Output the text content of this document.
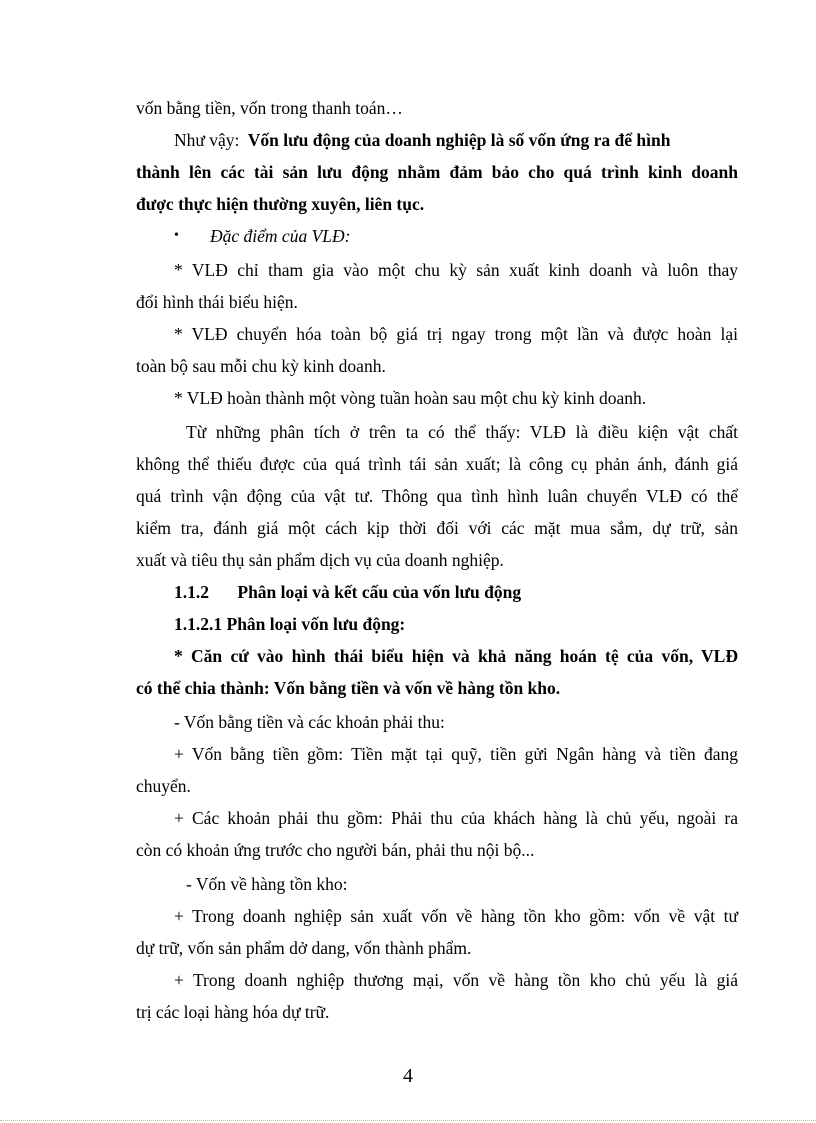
vốn bằng tiền, vốn trong thanh toán…
Như vậy: Vốn lưu động của doanh nghiệp là số vốn ứng ra để hình
thành lên các tài sản lưu động nhằm đảm bảo cho quá trình kinh doanh
được thực hiện thường xuyên, liên tục.
• Đặc điểm của VLĐ:
* VLĐ chỉ tham gia vào một chu kỳ sản xuất kinh doanh và luôn thay
đổi hình thái biểu hiện.
* VLĐ chuyển hóa toàn bộ giá trị ngay trong một lần và được hoàn lại
toàn bộ sau mỗi chu kỳ kinh doanh.
* VLĐ hoàn thành một vòng tuần hoàn sau một chu kỳ kinh doanh.
Từ những phân tích ở trên ta có thể thấy: VLĐ là điều kiện vật chất
không thể thiếu được của quá trình tái sản xuất; là công cụ phản ánh, đánh giá
quá trình vận động của vật tư. Thông qua tình hình luân chuyển VLĐ có thể
kiểm tra, đánh giá một cách kịp thời đối với các mặt mua sắm, dự trữ, sản
xuất và tiêu thụ sản phẩm dịch vụ của doanh nghiệp.
1.1.2 Phân loại và kết cấu của vốn lưu động
1.1.2.1 Phân loại vốn lưu động:
* Căn cứ vào hình thái biểu hiện và khả năng hoán tệ của vốn, VLĐ
có thể chia thành: Vốn bằng tiền và vốn về hàng tồn kho.
- Vốn bằng tiền và các khoản phải thu:
+ Vốn bằng tiền gồm: Tiền mặt tại quỹ, tiền gửi Ngân hàng và tiền đang
chuyển.
+ Các khoản phải thu gồm: Phải thu của khách hàng là chủ yếu, ngoài ra
còn có khoản ứng trước cho người bán, phải thu nội bộ...
- Vốn về hàng tồn kho:
+ Trong doanh nghiệp sản xuất vốn về hàng tồn kho gồm: vốn về vật tư
dự trữ, vốn sản phẩm dở dang, vốn thành phẩm.
+ Trong doanh nghiệp thương mại, vốn về hàng tồn kho chủ yếu là giá
trị các loại hàng hóa dự trữ.
4
